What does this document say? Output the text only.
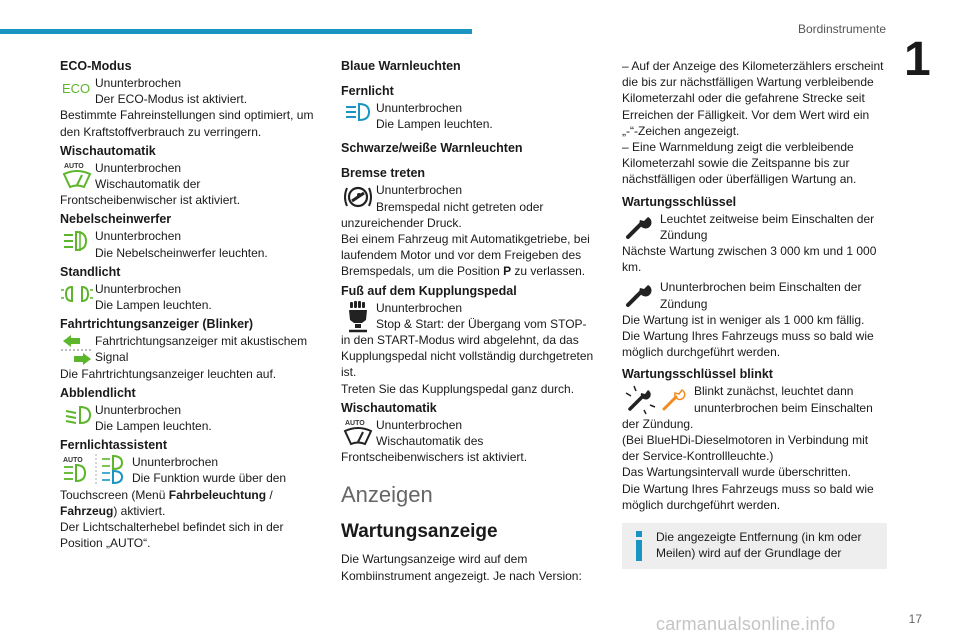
Bordinstrumente
1
ECO-Modus
ECO Ununterbrochen

Der ECO-Modus ist aktiviert.

Bestimmte Fahreinstellungen sind optimiert, um den Kraftstoffverbrauch zu verringern.

Wischautomatik
AUTO Ununterbrochen

Wischautomatik der

Frontscheibenwischer ist aktiviert.

Nebelscheinwerfer

Ununterbrochen

Die Nebelscheinwerfer leuchten.

Standlicht

Ununterbrochen

Die Lampen leuchten.

Fahrtrichtungsanzeiger (Blinker)

Fahrtrichtungsanzeiger mit akustischem Signal

Die Fahrtrichtungsanzeiger leuchten auf.

Abblendlicht

Ununterbrochen

Die Lampen leuchten.

Fernlichtassistent
AUTO	Ununterbrochen

Die Funktion wurde über den

Touchscreen (Menü Fahrbeleuchtung / Fahrzeug) aktiviert.

Der Lichtschalterhebel befindet sich in der Position „AUTO“.

Blaue Warnleuchten
Fernlicht

Ununterbrochen

Die Lampen leuchten.

Schwarze/weiße Warnleuchten
Bremse treten

Ununterbrochen

Bremspedal nicht getreten oder

unzureichender Druck.

Bei einem Fahrzeug mit Automatikgetriebe, bei laufendem Motor und vor dem Freigeben des Bremspedals, um die Position P zu verlassen.

Fuß auf dem Kupplungspedal

Ununterbrochen

Stop & Start: der Übergang vom STOP-

in den START-Modus wird abgelehnt, da das Kupplungspedal nicht vollständig durchgetreten ist.

Treten Sie das Kupplungspedal ganz durch.

Wischautomatik
AUTO Ununterbrochen

Wischautomatik des

Frontscheibenwischers ist aktiviert.

Anzeigen
Wartungsanzeige

Die Wartungsanzeige wird auf dem Kombiinstrument angezeigt. Je nach Version:

– Auf der Anzeige des Kilometerzählers erscheint die bis zur nächstfälligen Wartung verbleibende Kilometerzahl oder die gefahrene Strecke seit Erreichen der Fälligkeit. Vor dem Wert wird ein „-“-Zeichen angezeigt.

– Eine Warnmeldung zeigt die verbleibende Kilometerzahl sowie die Zeitspanne bis zur nächstfälligen oder überfälligen Wartung an.

Wartungsschlüssel

Leuchtet zeitweise beim Einschalten der Zündung

Nächste Wartung zwischen 3 000 km und 1 000 km.

Ununterbrochen beim Einschalten der Zündung

Die Wartung ist in weniger als 1 000 km fällig.

Die Wartung Ihres Fahrzeugs muss so bald wie möglich durchgeführt werden.

Wartungsschlüssel blinkt

Blinkt zunächst, leuchtet dann ununterbrochen beim Einschalten

der Zündung.

(Bei BlueHDi-Dieselmotoren in Verbindung mit der Service-Kontrollleuchte.)

Das Wartungsintervall wurde überschritten.

Die Wartung Ihres Fahrzeugs muss so bald wie möglich durchgeführt werden.

Die angezeigte Entfernung (in km oder Meilen) wird auf der Grundlage der

carmanualsonline.info	17
